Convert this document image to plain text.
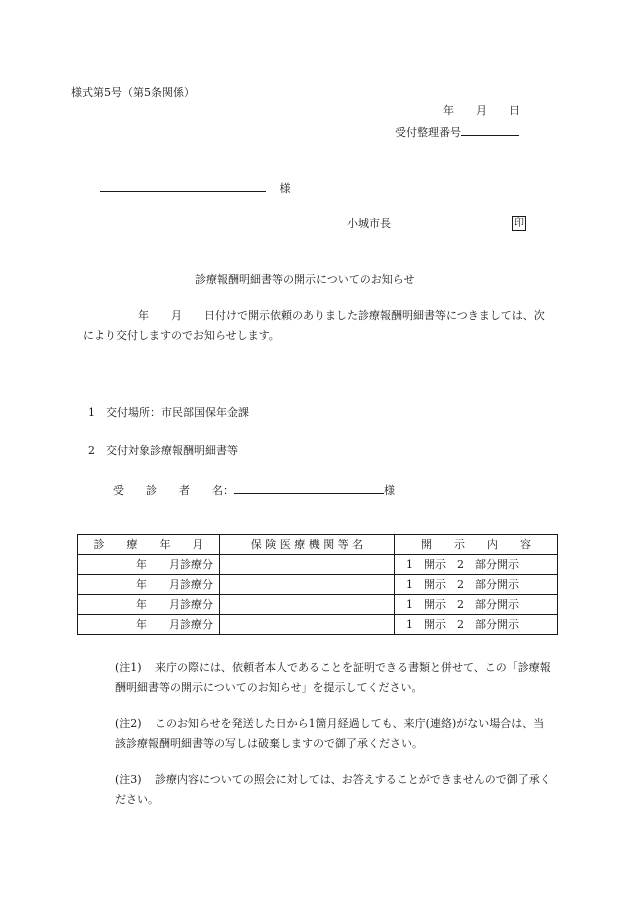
様式第5号（第5条関係）
年　　月　　日
受付整理番号
様
小城市長	印
診療報酬明細書等の開示についてのお知らせ
　　　　　年　　月　　日付けで開示依頼のありました診療報酬明細書等につきましては、次により交付しますのでお知らせします。
1　交付場所：市民部国保年金課
2　交付対象診療報酬明細書等
受　　診　　者　　名：	様
診　　療　　年　　月	保 険 医 療 機 関 等 名	開　　示　　内　　容
年　　月診療分		1　開示　2　部分開示
年　　月診療分		1　開示　2　部分開示
年　　月診療分		1　開示　2　部分開示
年　　月診療分		1　開示　2　部分開示
(注1) 来庁の際には、依頼者本人であることを証明できる書類と併せて、この「診療報酬明細書等の開示についてのお知らせ」を提示してください。
(注2) このお知らせを発送した日から1箇月経過しても、来庁(連絡)がない場合は、当該診療報酬明細書等の写しは破棄しますので御了承ください。
(注3) 診療内容についての照会に対しては、お答えすることができませんので御了承ください。
